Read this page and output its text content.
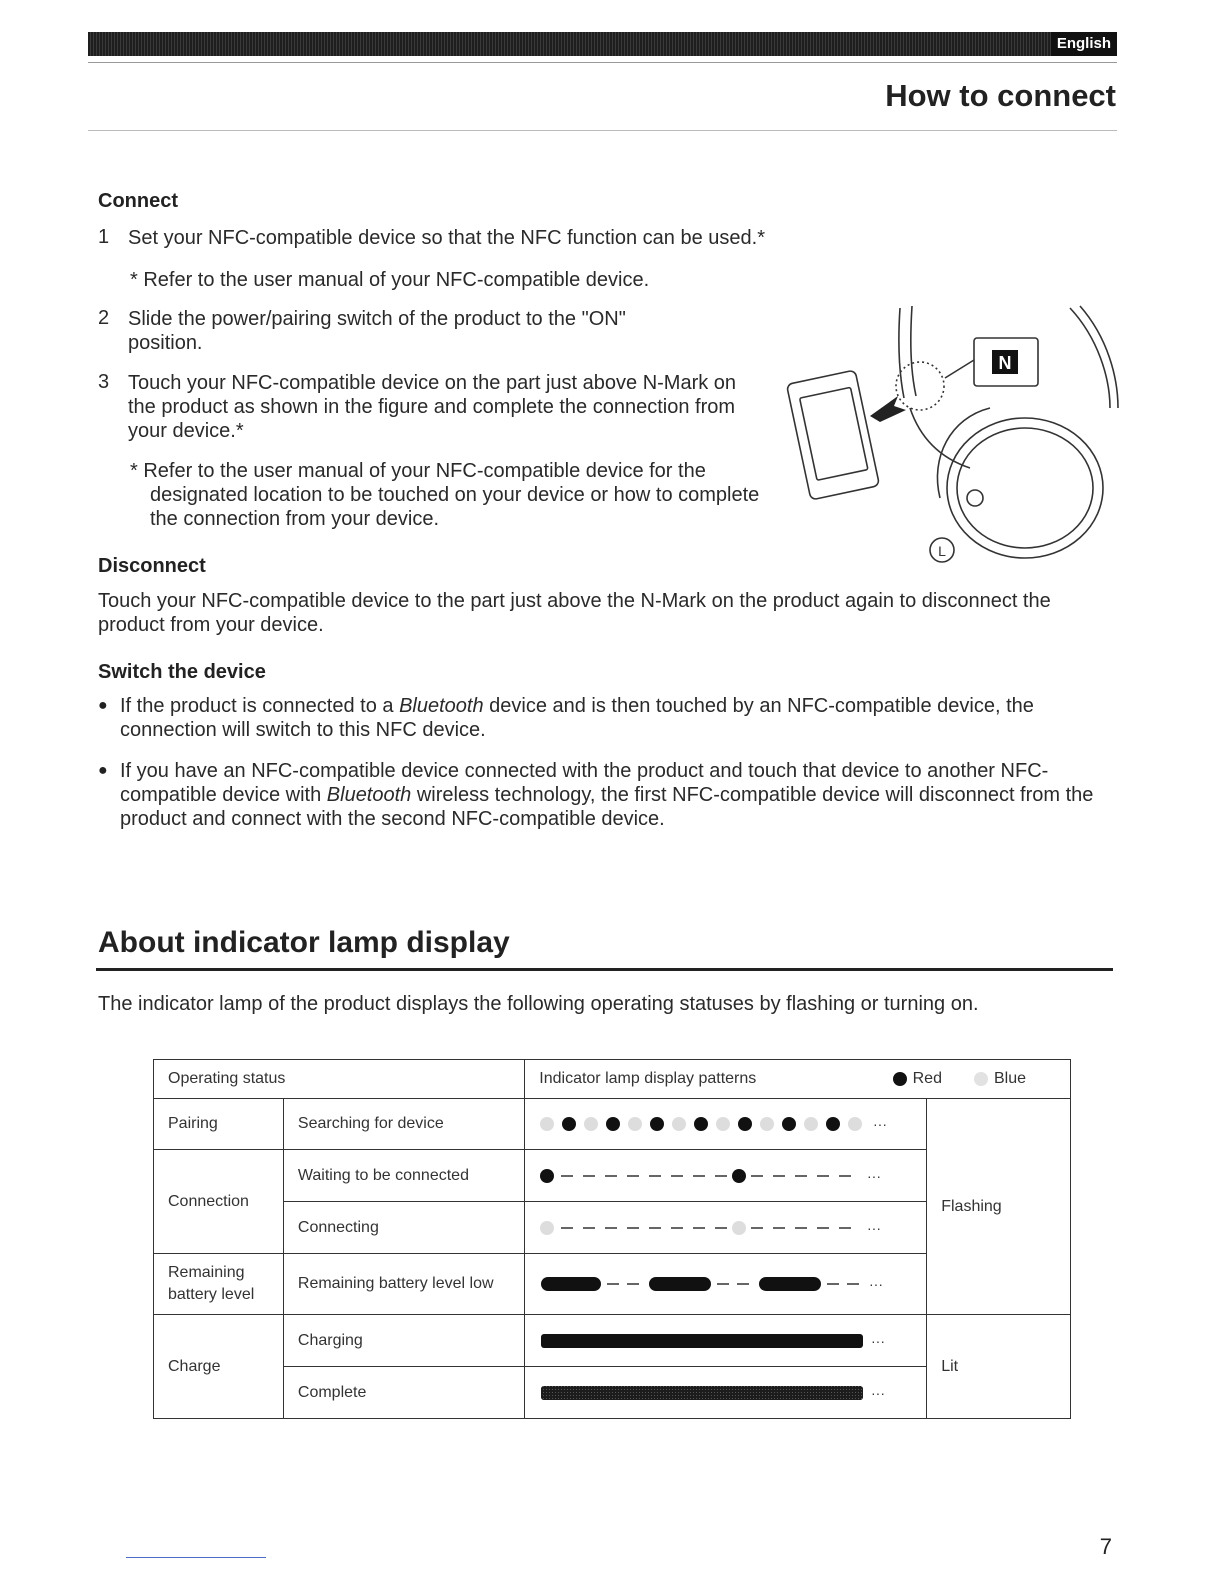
English
How to connect
Connect
1 Set your NFC-compatible device so that the NFC function can be used.*
* Refer to the user manual of your NFC-compatible device.
2 Slide the power/pairing switch of the product to the "ON" position.
3 Touch your NFC-compatible device on the part just above N-Mark on the product as shown in the figure and complete the connection from your device.*
* Refer to the user manual of your NFC-compatible device for the designated location to be touched on your device or how to complete the connection from your device.
N
L
Disconnect
Touch your NFC-compatible device to the part just above the N-Mark on the product again to disconnect the product from your device.
Switch the device
● If the product is connected to a Bluetooth device and is then touched by an NFC-compatible device, the connection will switch to this NFC device.
● If you have an NFC-compatible device connected with the product and touch that device to another NFC-compatible device with Bluetooth wireless technology, the first NFC-compatible device will disconnect from the product and connect with the second NFC-compatible device.
About indicator lamp display
The indicator lamp of the product displays the following operating statuses by flashing or turning on.
Operating status		Indicator lamp display patterns Red Blue	

Pairing	Searching for device	···	Flashing
Connection	Waiting to be connected	···	

	Connecting	···	

Remaining battery level	Remaining battery level low	···	

Charge	Charging	···	Lit
	Complete	···	
7
